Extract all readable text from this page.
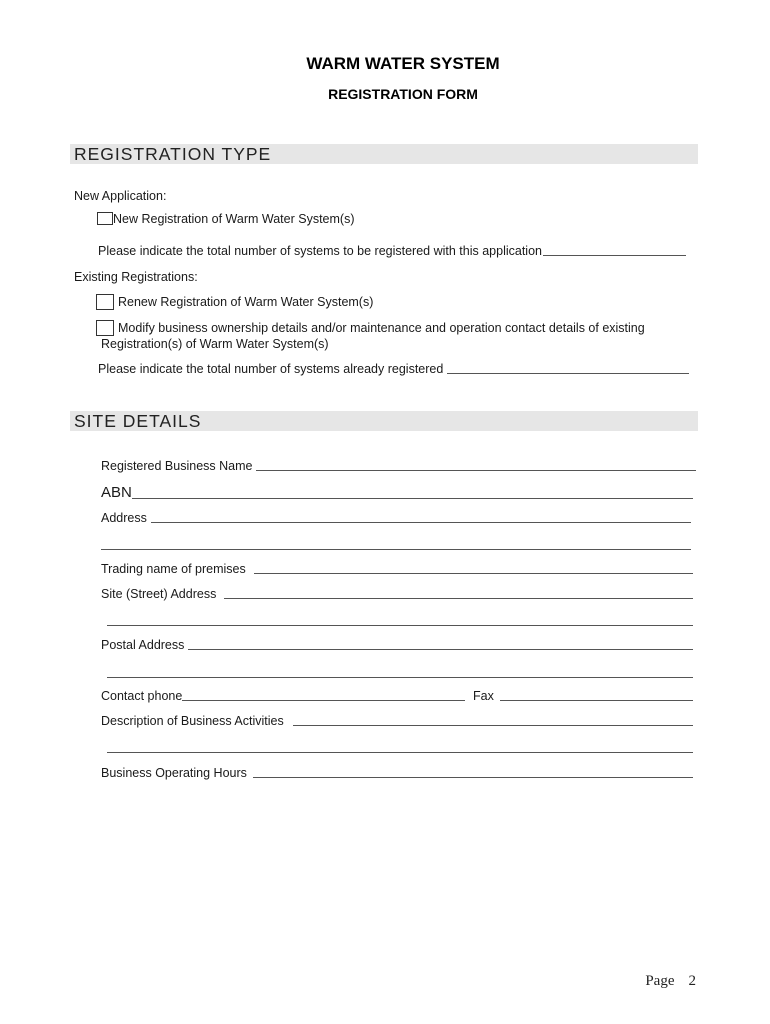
WARM WATER SYSTEM
REGISTRATION FORM
REGISTRATION TYPE
New Application:
New Registration of Warm Water System(s)
Please indicate the total number of systems to be registered with this application
Existing Registrations:
Renew Registration of Warm Water System(s)
Modify business ownership details and/or maintenance and operation contact details of existing
Registration(s) of Warm Water System(s)
Please indicate the total number of systems already registered
SITE DETAILS
Registered Business Name
ABN
Address
Trading name of premises
Site (Street) Address
Postal Address
Contact phone	Fax
Description of Business Activities
Business Operating Hours
Page 2
